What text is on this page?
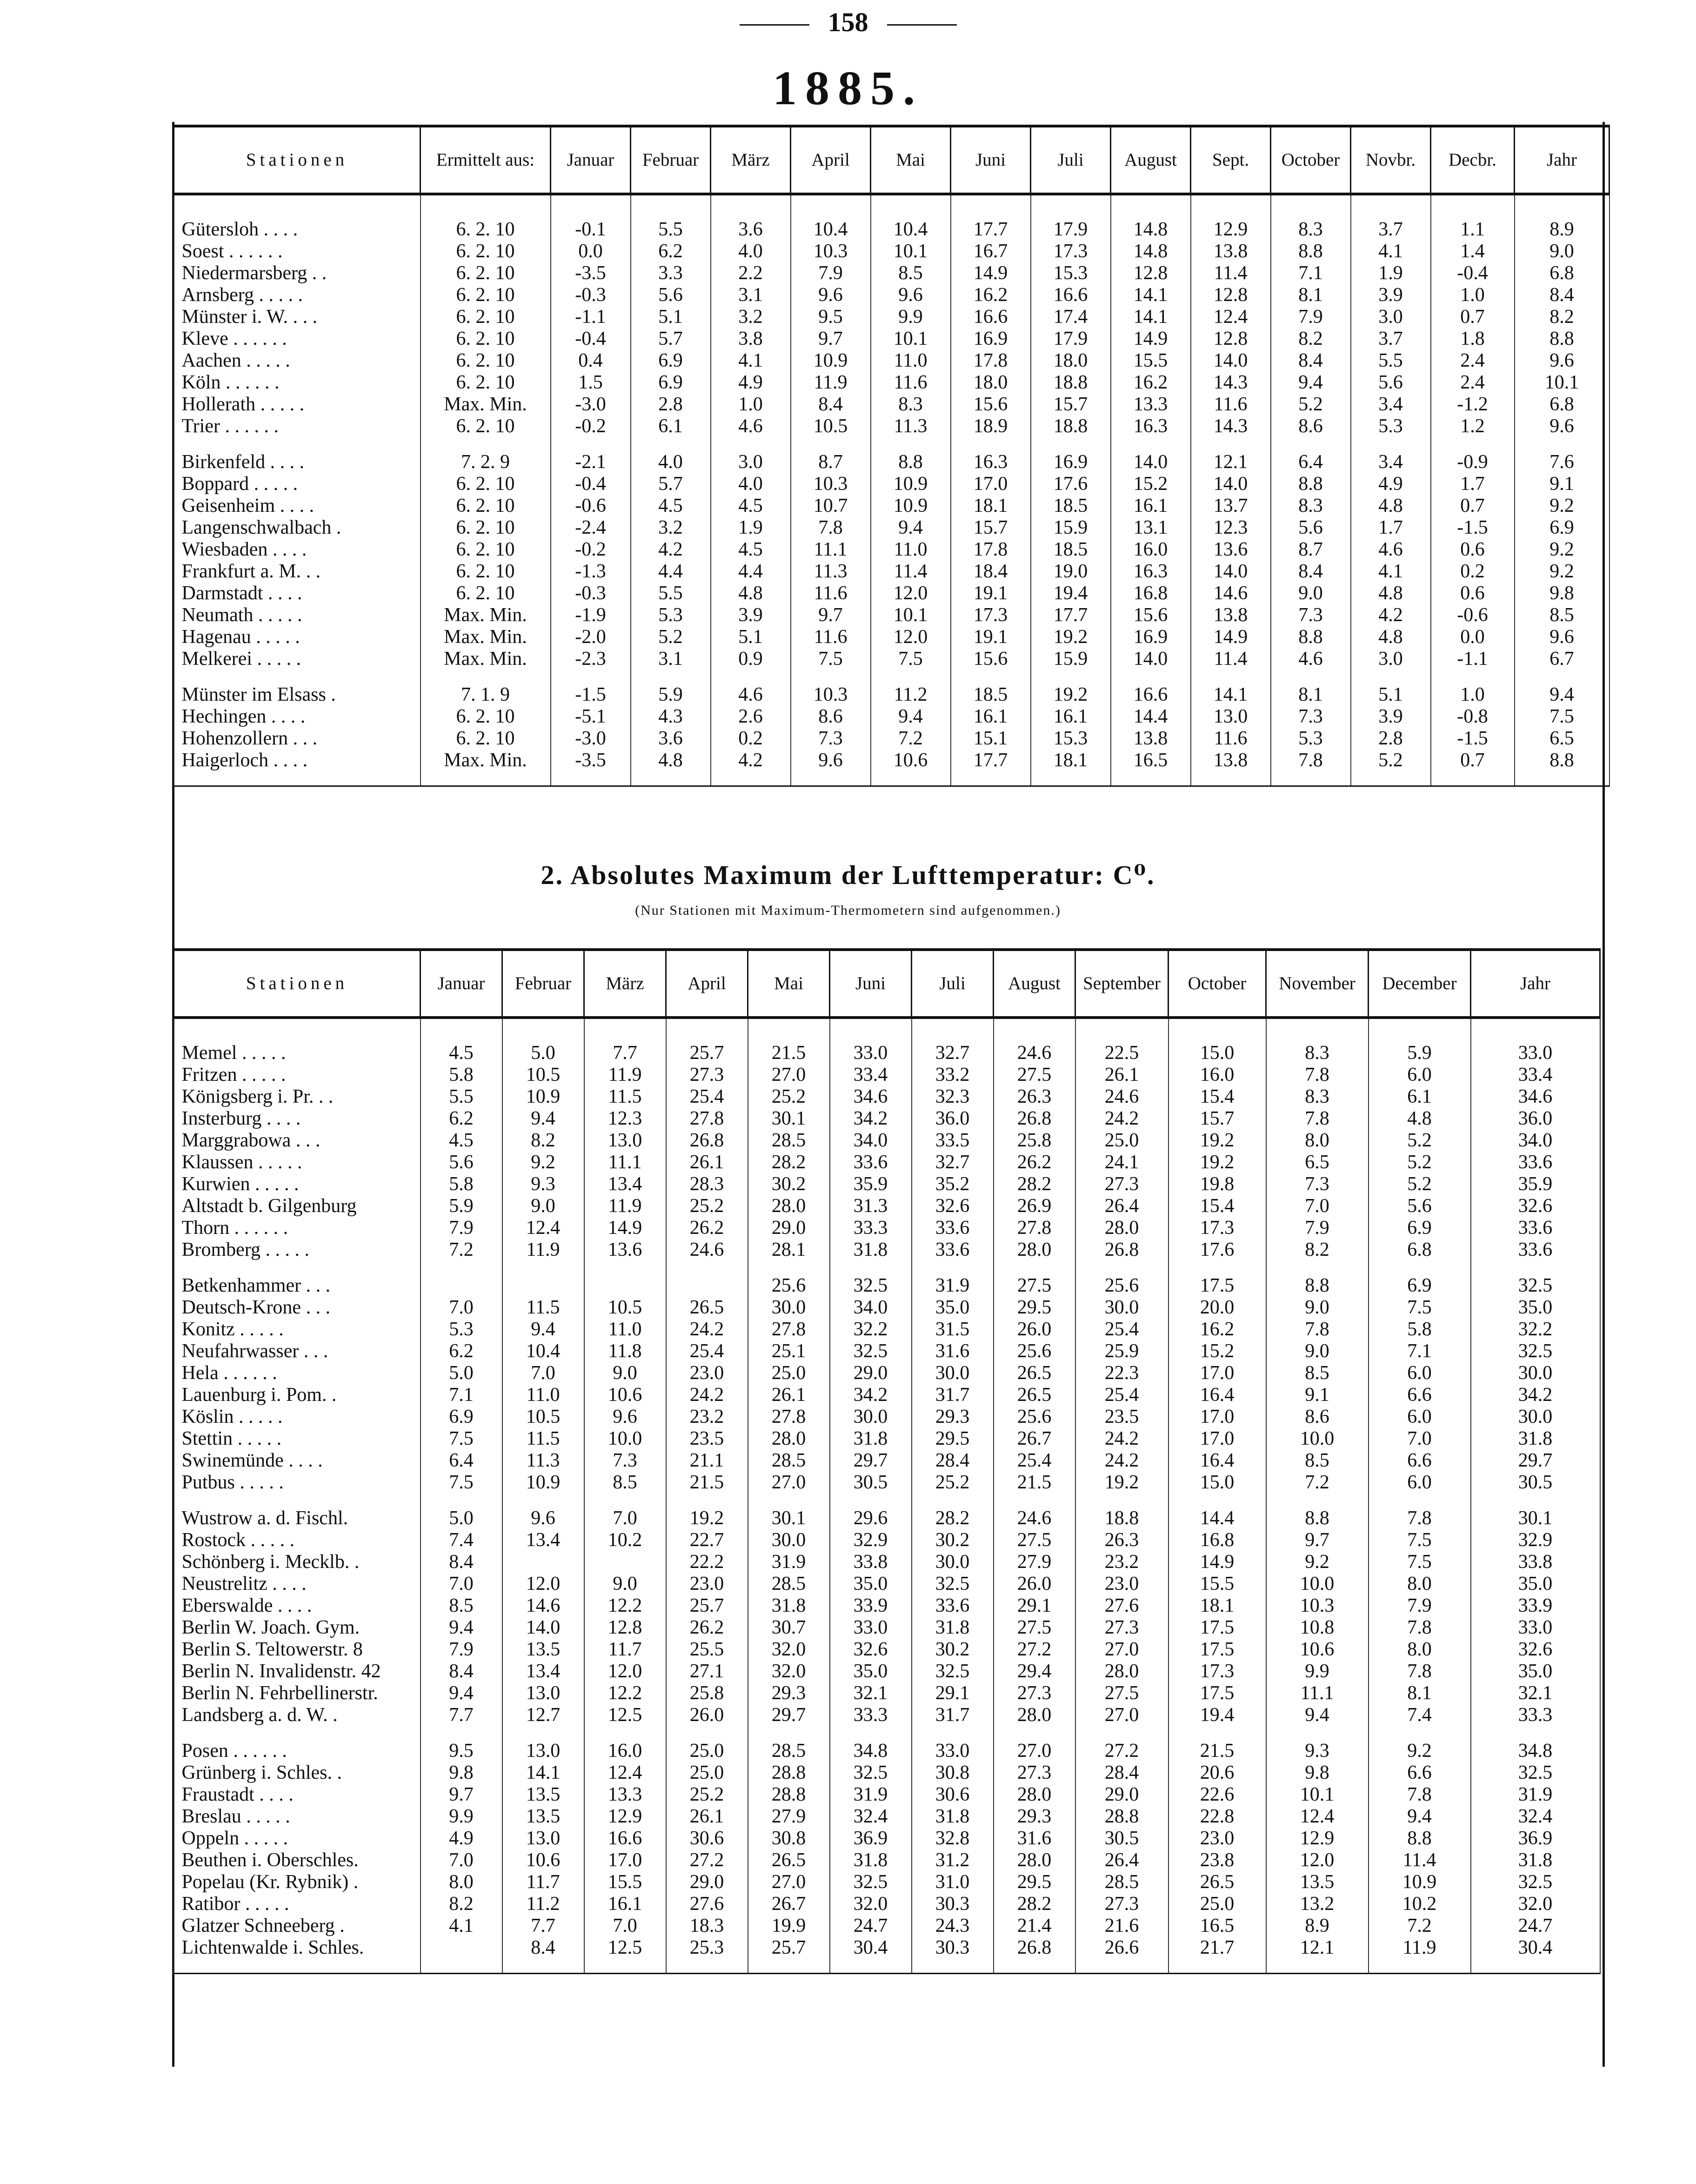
158
1885.
Stationen	Ermittelt aus:	Januar	Februar	März	April	Mai	Juni	Juli	August	Sept.	October	Novbr.	Decbr.	Jahr

Gütersloh . . . .	6. 2. 10	-0.1	5.5	3.6	10.4	10.4	17.7	17.9	14.8	12.9	8.3	3.7	1.1	8.9
Soest . . . . . .	6. 2. 10	0.0	6.2	4.0	10.3	10.1	16.7	17.3	14.8	13.8	8.8	4.1	1.4	9.0
Niedermarsberg . .	6. 2. 10	-3.5	3.3	2.2	7.9	8.5	14.9	15.3	12.8	11.4	7.1	1.9	-0.4	6.8
Arnsberg . . . . .	6. 2. 10	-0.3	5.6	3.1	9.6	9.6	16.2	16.6	14.1	12.8	8.1	3.9	1.0	8.4
Münster i. W. . . .	6. 2. 10	-1.1	5.1	3.2	9.5	9.9	16.6	17.4	14.1	12.4	7.9	3.0	0.7	8.2
Kleve . . . . . .	6. 2. 10	-0.4	5.7	3.8	9.7	10.1	16.9	17.9	14.9	12.8	8.2	3.7	1.8	8.8
Aachen . . . . .	6. 2. 10	0.4	6.9	4.1	10.9	11.0	17.8	18.0	15.5	14.0	8.4	5.5	2.4	9.6
Köln . . . . . .	6. 2. 10	1.5	6.9	4.9	11.9	11.6	18.0	18.8	16.2	14.3	9.4	5.6	2.4	10.1
Hollerath . . . . .	Max. Min.	-3.0	2.8	1.0	8.4	8.3	15.6	15.7	13.3	11.6	5.2	3.4	-1.2	6.8
Trier . . . . . .	6. 2. 10	-0.2	6.1	4.6	10.5	11.3	18.9	18.8	16.3	14.3	8.6	5.3	1.2	9.6

Birkenfeld . . . .	7. 2. 9	-2.1	4.0	3.0	8.7	8.8	16.3	16.9	14.0	12.1	6.4	3.4	-0.9	7.6
Boppard . . . . .	6. 2. 10	-0.4	5.7	4.0	10.3	10.9	17.0	17.6	15.2	14.0	8.8	4.9	1.7	9.1
Geisenheim . . . .	6. 2. 10	-0.6	4.5	4.5	10.7	10.9	18.1	18.5	16.1	13.7	8.3	4.8	0.7	9.2
Langenschwalbach .	6. 2. 10	-2.4	3.2	1.9	7.8	9.4	15.7	15.9	13.1	12.3	5.6	1.7	-1.5	6.9
Wiesbaden . . . .	6. 2. 10	-0.2	4.2	4.5	11.1	11.0	17.8	18.5	16.0	13.6	8.7	4.6	0.6	9.2
Frankfurt a. M. . .	6. 2. 10	-1.3	4.4	4.4	11.3	11.4	18.4	19.0	16.3	14.0	8.4	4.1	0.2	9.2
Darmstadt . . . .	6. 2. 10	-0.3	5.5	4.8	11.6	12.0	19.1	19.4	16.8	14.6	9.0	4.8	0.6	9.8
Neumath . . . . .	Max. Min.	-1.9	5.3	3.9	9.7	10.1	17.3	17.7	15.6	13.8	7.3	4.2	-0.6	8.5
Hagenau . . . . .	Max. Min.	-2.0	5.2	5.1	11.6	12.0	19.1	19.2	16.9	14.9	8.8	4.8	0.0	9.6
Melkerei . . . . .	Max. Min.	-2.3	3.1	0.9	7.5	7.5	15.6	15.9	14.0	11.4	4.6	3.0	-1.1	6.7

Münster im Elsass .	7. 1. 9	-1.5	5.9	4.6	10.3	11.2	18.5	19.2	16.6	14.1	8.1	5.1	1.0	9.4
Hechingen . . . .	6. 2. 10	-5.1	4.3	2.6	8.6	9.4	16.1	16.1	14.4	13.0	7.3	3.9	-0.8	7.5
Hohenzollern . . .	6. 2. 10	-3.0	3.6	0.2	7.3	7.2	15.1	15.3	13.8	11.6	5.3	2.8	-1.5	6.5
Haigerloch . . . .	Max. Min.	-3.5	4.8	4.2	9.6	10.6	17.7	18.1	16.5	13.8	7.8	5.2	0.7	8.8

2. Absolutes Maximum der Lufttemperatur: C⁰.
(Nur Stationen mit Maximum-Thermometern sind aufgenommen.)
Stationen	Januar	Februar	März	April	Mai	Juni	Juli	August	September	October	November	December	Jahr

Memel . . . . .	4.5	5.0	7.7	25.7	21.5	33.0	32.7	24.6	22.5	15.0	8.3	5.9	33.0
Fritzen . . . . .	5.8	10.5	11.9	27.3	27.0	33.4	33.2	27.5	26.1	16.0	7.8	6.0	33.4
Königsberg i. Pr. . .	5.5	10.9	11.5	25.4	25.2	34.6	32.3	26.3	24.6	15.4	8.3	6.1	34.6
Insterburg . . . .	6.2	9.4	12.3	27.8	30.1	34.2	36.0	26.8	24.2	15.7	7.8	4.8	36.0
Marggrabowa . . .	4.5	8.2	13.0	26.8	28.5	34.0	33.5	25.8	25.0	19.2	8.0	5.2	34.0
Klaussen . . . . .	5.6	9.2	11.1	26.1	28.2	33.6	32.7	26.2	24.1	19.2	6.5	5.2	33.6
Kurwien . . . . .	5.8	9.3	13.4	28.3	30.2	35.9	35.2	28.2	27.3	19.8	7.3	5.2	35.9
Altstadt b. Gilgenburg	5.9	9.0	11.9	25.2	28.0	31.3	32.6	26.9	26.4	15.4	7.0	5.6	32.6
Thorn . . . . . .	7.9	12.4	14.9	26.2	29.0	33.3	33.6	27.8	28.0	17.3	7.9	6.9	33.6
Bromberg . . . . .	7.2	11.9	13.6	24.6	28.1	31.8	33.6	28.0	26.8	17.6	8.2	6.8	33.6

Betkenhammer . . .					25.6	32.5	31.9	27.5	25.6	17.5	8.8	6.9	32.5
Deutsch-Krone . . .	7.0	11.5	10.5	26.5	30.0	34.0	35.0	29.5	30.0	20.0	9.0	7.5	35.0
Konitz . . . . .	5.3	9.4	11.0	24.2	27.8	32.2	31.5	26.0	25.4	16.2	7.8	5.8	32.2
Neufahrwasser . . .	6.2	10.4	11.8	25.4	25.1	32.5	31.6	25.6	25.9	15.2	9.0	7.1	32.5
Hela . . . . . .	5.0	7.0	9.0	23.0	25.0	29.0	30.0	26.5	22.3	17.0	8.5	6.0	30.0
Lauenburg i. Pom. .	7.1	11.0	10.6	24.2	26.1	34.2	31.7	26.5	25.4	16.4	9.1	6.6	34.2
Köslin . . . . .	6.9	10.5	9.6	23.2	27.8	30.0	29.3	25.6	23.5	17.0	8.6	6.0	30.0
Stettin . . . . .	7.5	11.5	10.0	23.5	28.0	31.8	29.5	26.7	24.2	17.0	10.0	7.0	31.8
Swinemünde . . . .	6.4	11.3	7.3	21.1	28.5	29.7	28.4	25.4	24.2	16.4	8.5	6.6	29.7
Putbus . . . . .	7.5	10.9	8.5	21.5	27.0	30.5	25.2	21.5	19.2	15.0	7.2	6.0	30.5

Wustrow a. d. Fischl.	5.0	9.6	7.0	19.2	30.1	29.6	28.2	24.6	18.8	14.4	8.8	7.8	30.1
Rostock . . . . .	7.4	13.4	10.2	22.7	30.0	32.9	30.2	27.5	26.3	16.8	9.7	7.5	32.9
Schönberg i. Mecklb. .	8.4			22.2	31.9	33.8	30.0	27.9	23.2	14.9	9.2	7.5	33.8
Neustrelitz . . . .	7.0	12.0	9.0	23.0	28.5	35.0	32.5	26.0	23.0	15.5	10.0	8.0	35.0
Eberswalde . . . .	8.5	14.6	12.2	25.7	31.8	33.9	33.6	29.1	27.6	18.1	10.3	7.9	33.9
Berlin W. Joach. Gym.	9.4	14.0	12.8	26.2	30.7	33.0	31.8	27.5	27.3	17.5	10.8	7.8	33.0
Berlin S. Teltowerstr. 8	7.9	13.5	11.7	25.5	32.0	32.6	30.2	27.2	27.0	17.5	10.6	8.0	32.6
Berlin N. Invalidenstr. 42	8.4	13.4	12.0	27.1	32.0	35.0	32.5	29.4	28.0	17.3	9.9	7.8	35.0
Berlin N. Fehrbellinerstr.	9.4	13.0	12.2	25.8	29.3	32.1	29.1	27.3	27.5	17.5	11.1	8.1	32.1
Landsberg a. d. W. .	7.7	12.7	12.5	26.0	29.7	33.3	31.7	28.0	27.0	19.4	9.4	7.4	33.3

Posen . . . . . .	9.5	13.0	16.0	25.0	28.5	34.8	33.0	27.0	27.2	21.5	9.3	9.2	34.8
Grünberg i. Schles. .	9.8	14.1	12.4	25.0	28.8	32.5	30.8	27.3	28.4	20.6	9.8	6.6	32.5
Fraustadt . . . .	9.7	13.5	13.3	25.2	28.8	31.9	30.6	28.0	29.0	22.6	10.1	7.8	31.9
Breslau . . . . .	9.9	13.5	12.9	26.1	27.9	32.4	31.8	29.3	28.8	22.8	12.4	9.4	32.4
Oppeln . . . . .	4.9	13.0	16.6	30.6	30.8	36.9	32.8	31.6	30.5	23.0	12.9	8.8	36.9
Beuthen i. Oberschles.	7.0	10.6	17.0	27.2	26.5	31.8	31.2	28.0	26.4	23.8	12.0	11.4	31.8
Popelau (Kr. Rybnik) .	8.0	11.7	15.5	29.0	27.0	32.5	31.0	29.5	28.5	26.5	13.5	10.9	32.5
Ratibor . . . . .	8.2	11.2	16.1	27.6	26.7	32.0	30.3	28.2	27.3	25.0	13.2	10.2	32.0
Glatzer Schneeberg .	4.1	7.7	7.0	18.3	19.9	24.7	24.3	21.4	21.6	16.5	8.9	7.2	24.7
Lichtenwalde i. Schles.		8.4	12.5	25.3	25.7	30.4	30.3	26.8	26.6	21.7	12.1	11.9	30.4
